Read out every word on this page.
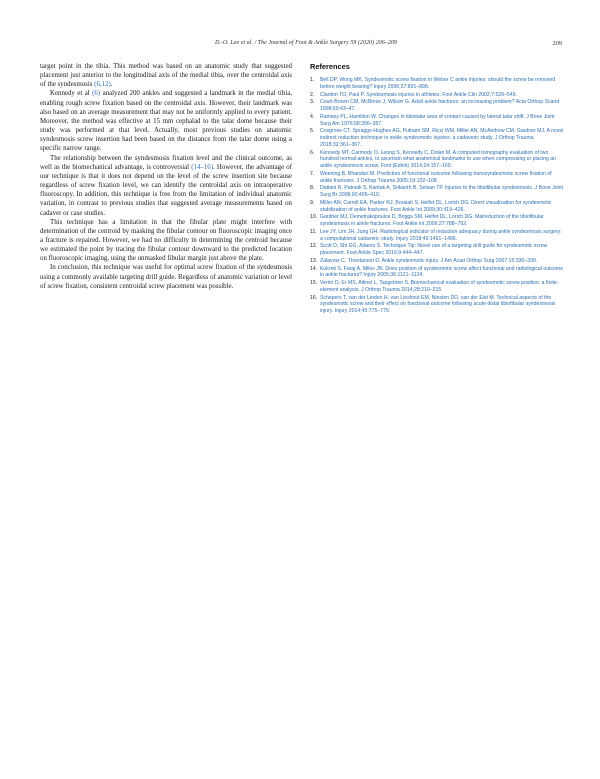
D.-O. Lee et al. / The Journal of Foot & Ankle Surgery 59 (2020) 206–209	209

target point in the tibia. This method was based on an anatomic study that suggested placement just anterior to the longitudinal axis of the medial tibia, over the centroidal axis of the syndesmosis (6,12).

Kennedy et al (6) analyzed 200 ankles and suggested a landmark in the medial tibia, enabling rough screw fixation based on the centroidal axis. However, their landmark was also based on an average measurement that may not be uniformly applied to every patient. Moreover, the method was effective at 15 mm cephalad to the talar dome because their study was performed at that level. Actually, most previous studies on anatomic syndesmosis screw insertion had been based on the distance from the talar dome using a specific narrow range.

The relationship between the syndesmosis fixation level and the clinical outcome, as well as the biomechanical advantage, is controversial (14–16). However, the advantage of our technique is that it does not depend on the level of the screw insertion site because regardless of screw fixation level, we can identify the centroidal axis on intraoperative fluoroscopy. In addition, this technique is free from the limitation of individual anatomic variation, in contrast to previous studies that suggested average measurements based on cadaver or case studies.

This technique has a limitation in that the fibular plate might interfere with determination of the centroid by masking the fibular contour on fluoroscopic imaging once a fracture is repaired. However, we had no difficulty in determining the centroid because we estimated the point by tracing the fibular contour downward to the predicted location on fluoroscopic imaging, using the unmasked fibular margin just above the plate.

In conclusion, this technique was useful for optimal screw fixation of the syndesmosis using a commonly available targeting drill guide. Regardless of anatomic variation or level of screw fixation, consistent centroidal screw placement was possible.

References
1.	Bell DP, Wong MK. Syndesmotic screw fixation in Weber C ankle injuries: should the screw be removed before weight bearing? Injury 2006;37:891–898.
2.	Clanton TO, Paul P. Syndesmosis injuries in athletes. Foot Ankle Clin 2002;7:529–549.
3.	Court-Brown CM, McBirnie J, Wilson G. Adult ankle fractures: an increasing problem? Acta Orthop Scand 1998;69:43–47.
4.	Ramsey PL, Hamilton W. Changes in tibiotalar area of contact caused by lateral talar shift. J Bone Joint Surg Am 1976;58:356–357.
5.	Cosgrove CT, Spraggs-Hughes AG, Putnam SM, Ricci WM, Miller AN, McAndrew CM, Gardner MJ. A novel indirect reduction technique in ankle syndesmotic injuries: a cadaveric study. J Orthop Trauma 2018;32:361–367.
6.	Kennedy MT, Carmody O, Leong S, Kennedy C, Dolan M. A computed tomography evaluation of two hundred normal ankles, to ascertain what anatomical landmarks to use when compressing or placing an ankle syndesmosis screw. Foot (Edinb) 2014;24:157–160.
7.	Weening B, Bhandari M. Predictors of functional outcome following transsyndesmotic screw fixation of ankle fractures. J Orthop Trauma 2005;19:102–108.
8.	Dattani R, Patnaik S, Kantak A, Srikanth B, Selvan TP. Injuries to the tibiofibular syndesmosis. J Bone Joint Surg Br 2008;90:405–410.
9.	Miller AN, Carroll EA, Parker RJ, Boraiah S, Helfet DL, Lorich DG. Direct visualization for syndesmotic stabilization of ankle fractures. Foot Ankle Int 2009;30:419–426.
10. Gardner MJ, Demetrakopoulos D, Briggs SM, Helfet DL, Lorich DG. Malreduction of the tibiofibular syndesmosis in ankle fractures. Foot Ankle Int 2006;27:788–792.
11. Lee JY, Lim JH, Jung GH. Radiological indicator of reduction adequacy during ankle syndesmosis surgery: a computational cadaveric study. Injury 2018;49:1491–1496.
12. Scott D, Shi GG, Adams S. Technique Tip: Novel use of a targeting drill guide for syndesmotic screw placement. Foot Ankle Spec 2016;9:444–447.
13. Zalavras C, Thordarson D. Ankle syndesmotic injury. J Am Acad Orthop Surg 2007;15:330–339.
14. Kukreti S, Faraj A, Miles JN. Does position of syndesmotic screw affect functional and radiological outcome in ankle fractures? Injury 2005;36:1121–1124.
15. Verim O, Er MS, Altinel L, Tasgetiren S. Biomechanical evaluation of syndesmotic screw position: a finite-element analysis. J Orthop Trauma 2014;28:210–215.
16. Schepers T, van der Linden H, van Lieshout EM, Niesten DD, van der Elst M. Technical aspects of the syndesmotic screw and their effect on functional outcome following acute distal tibiofibular syndesmosis injury. Injury 2014;45:775–779.
